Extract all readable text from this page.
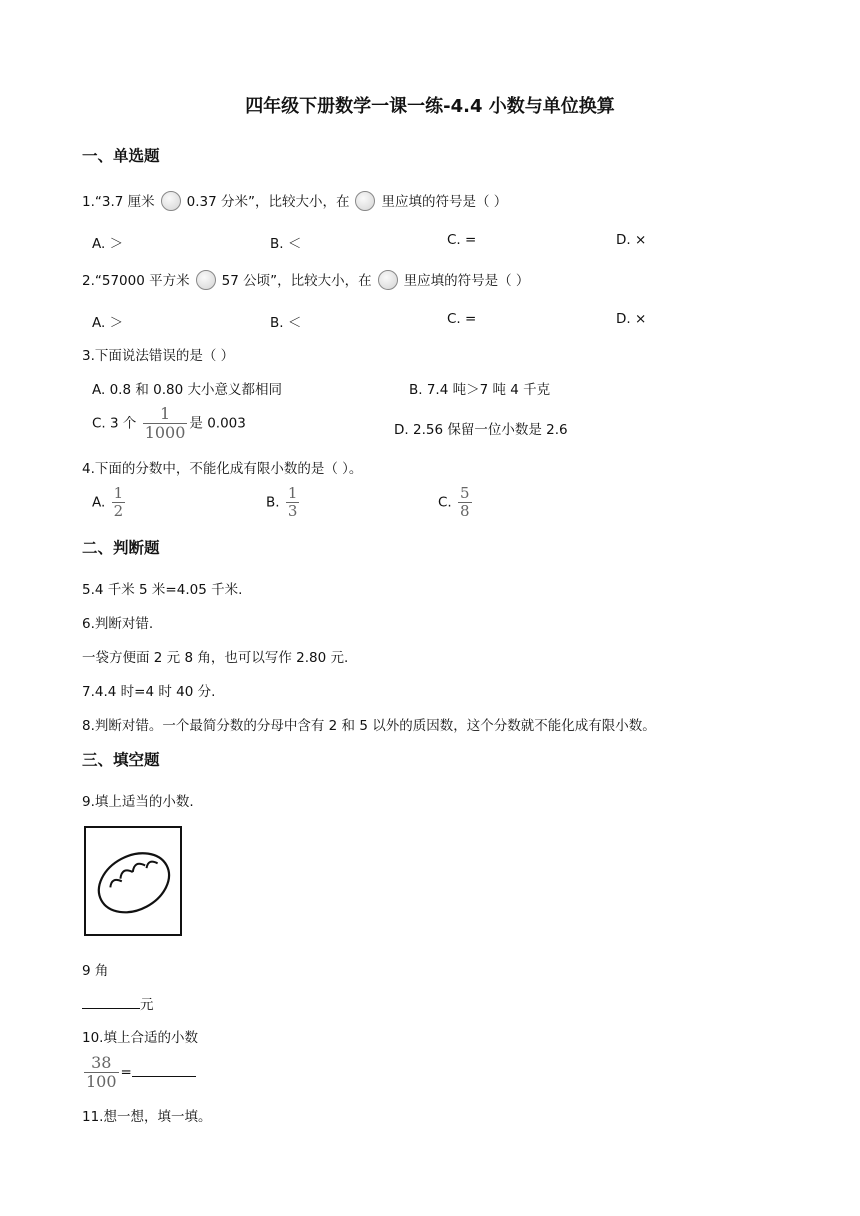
四年级下册数学一课一练-4.4 小数与单位换算
一、单选题
1.“3.7 厘米 0.37 分米”，比较大小，在 里应填的符号是（ ）
A. ＞	B. ＜	C. =	D. ×
2.“57000 平方米 57 公顷”，比较大小，在 里应填的符号是（ ）
A. ＞	B. ＜	C. =	D. ×
3.下面说法错误的是（ ）
A. 0.8 和 0.80 大小意义都相同	B. 7.4 吨＞7 吨 4 千克
C. 3 个 $\frac{1}{1000}$ 是 0.003	D. 2.56 保留一位小数是 2.6
4.下面的分数中，不能化成有限小数的是（ ）。
A. $\frac{1}{2}$	B. $\frac{1}{3}$	C. $\frac{5}{8}$
二、判断题
5.4 千米 5 米=4.05 千米.
6.判断对错.
一袋方便面 2 元 8 角，也可以写作 2.80 元.
7.4.4 时=4 时 40 分.
8.判断对错。一个最简分数的分母中含有 2 和 5 以外的质因数，这个分数就不能化成有限小数。
三、填空题
9.填上适当的小数.
9 角
元
10.填上合适的小数
$\frac{38}{100}$ =
11.想一想，填一填。
